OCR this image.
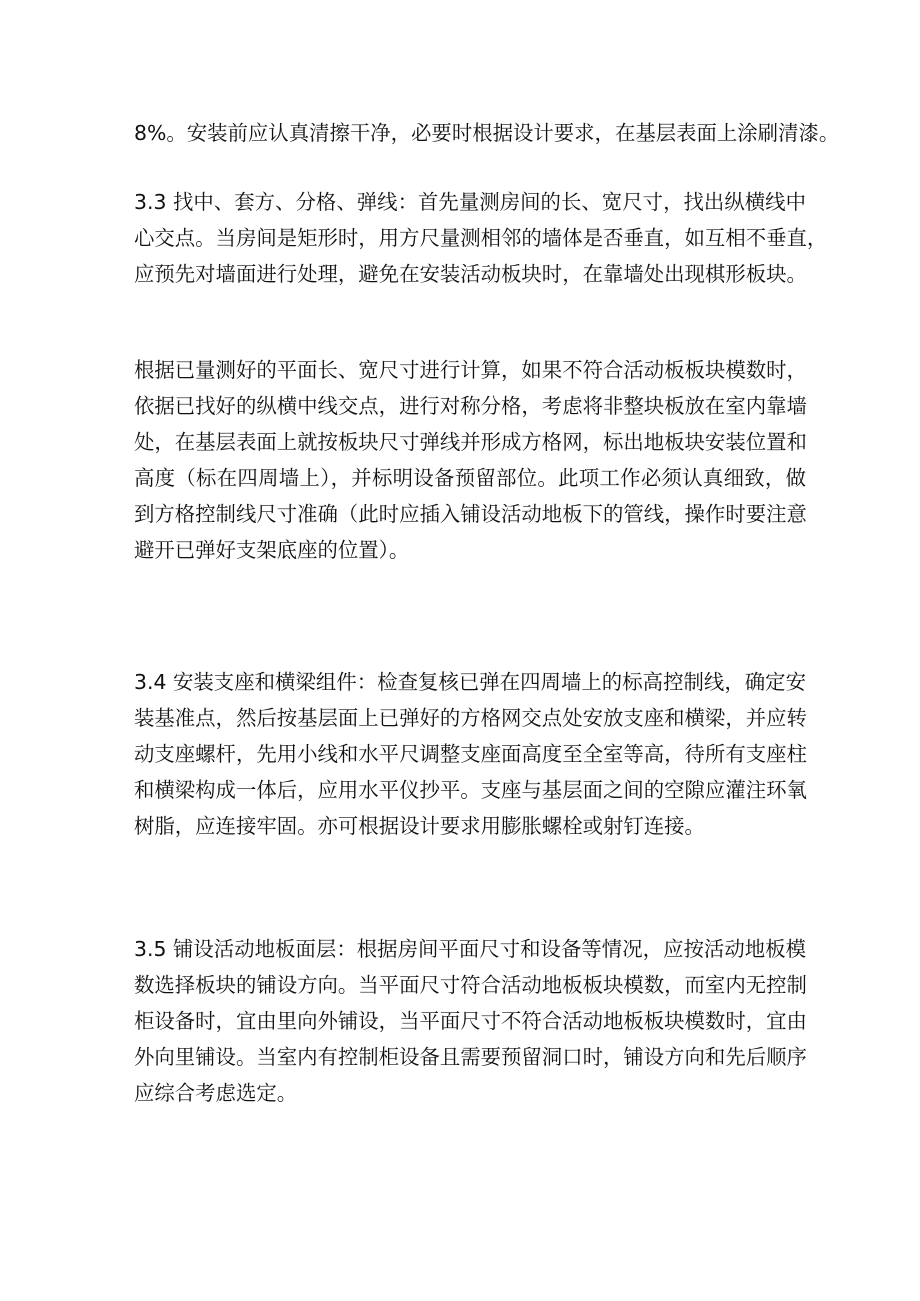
8%。安装前应认真清擦干净，必要时根据设计要求，在基层表面上涂刷清漆。

3.3 找中、套方、分格、弹线：首先量测房间的长、宽尺寸，找出纵横线中
心交点。当房间是矩形时，用方尺量测相邻的墙体是否垂直，如互相不垂直，
应预先对墙面进行处理，避免在安装活动板块时，在靠墙处出现棋形板块。

根据已量测好的平面长、宽尺寸进行计算，如果不符合活动板板块模数时，
依据已找好的纵横中线交点，进行对称分格，考虑将非整块板放在室内靠墙
处，在基层表面上就按板块尺寸弹线并形成方格网，标出地板块安装位置和
高度（标在四周墙上），并标明设备预留部位。此项工作必须认真细致，做
到方格控制线尺寸准确（此时应插入铺设活动地板下的管线，操作时要注意
避开已弹好支架底座的位置）。

3.4 安装支座和横梁组件：检查复核已弹在四周墙上的标高控制线，确定安
装基准点，然后按基层面上已弹好的方格网交点处安放支座和横梁，并应转
动支座螺杆，先用小线和水平尺调整支座面高度至全室等高，待所有支座柱
和横梁构成一体后，应用水平仪抄平。支座与基层面之间的空隙应灌注环氧
树脂，应连接牢固。亦可根据设计要求用膨胀螺栓或射钉连接。

3.5 铺设活动地板面层：根据房间平面尺寸和设备等情况，应按活动地板模
数选择板块的铺设方向。当平面尺寸符合活动地板板块模数，而室内无控制
柜设备时，宜由里向外铺设，当平面尺寸不符合活动地板板块模数时，宜由
外向里铺设。当室内有控制柜设备且需要预留洞口时，铺设方向和先后顺序
应综合考虑选定。
